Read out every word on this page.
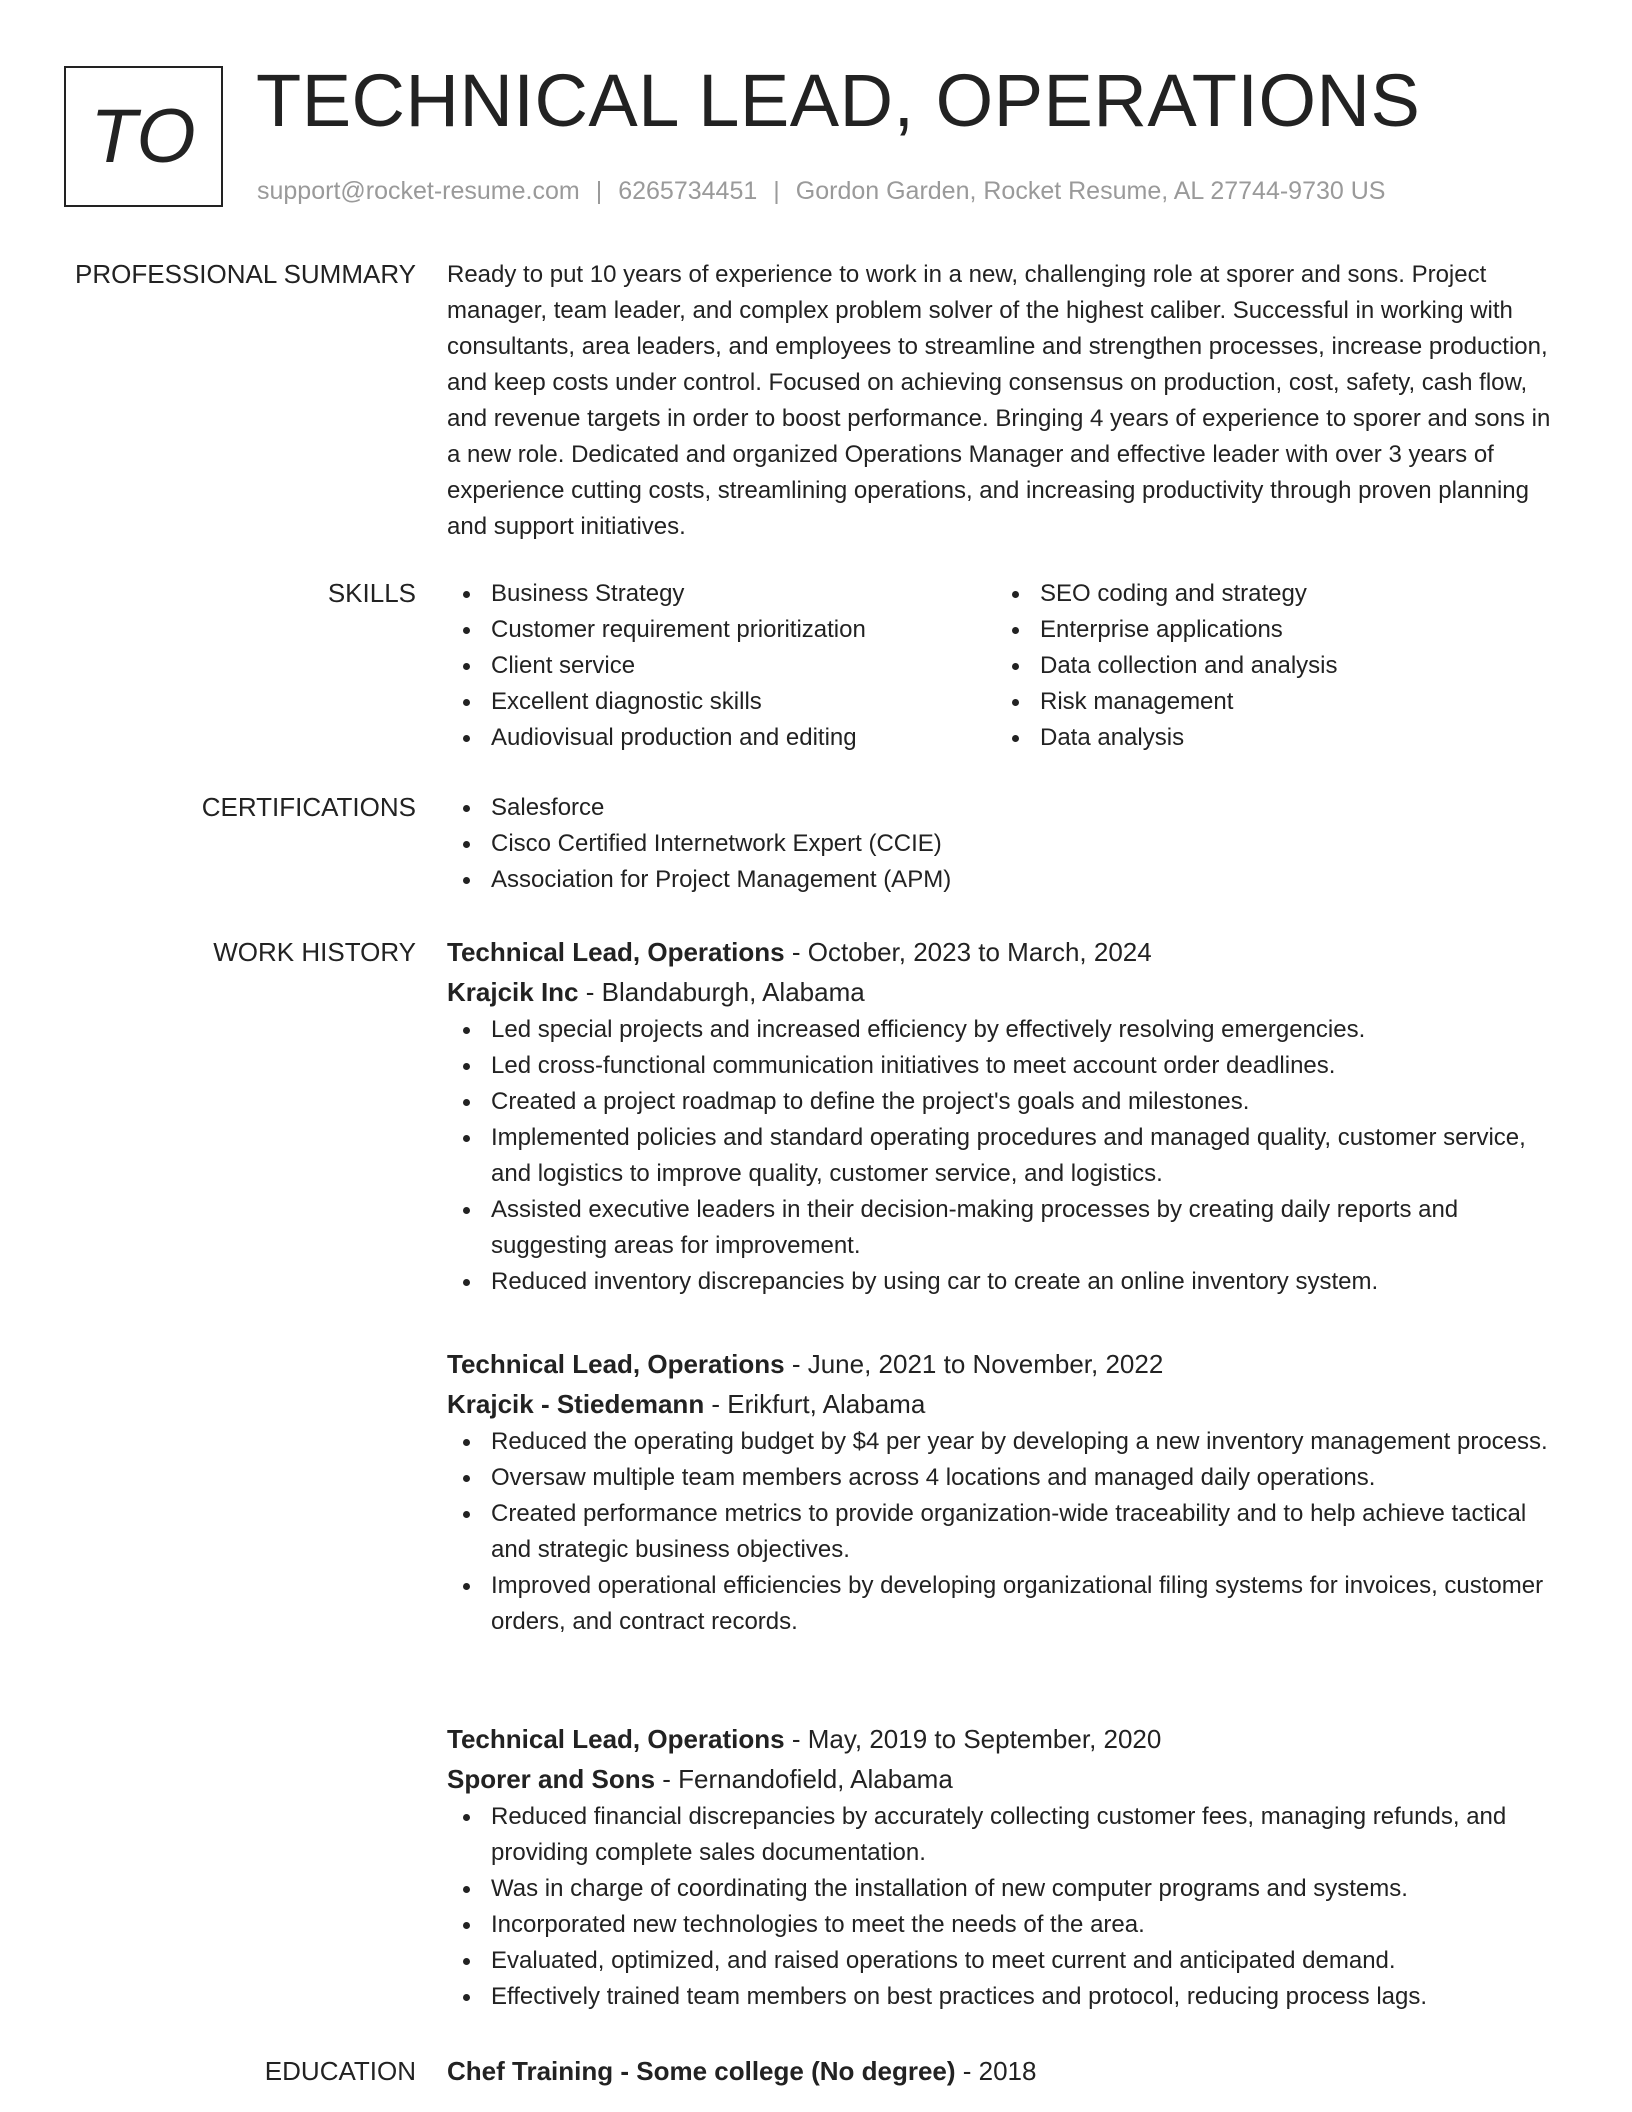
TO TECHNICAL LEAD, OPERATIONS
support@rocket-resume.com | 6265734451 | Gordon Garden, Rocket Resume, AL 27744-9730 US
PROFESSIONAL SUMMARY Ready to put 10 years of experience to work in a new, challenging role at sporer and sons. Project manager, team leader, and complex problem solver of the highest caliber. Successful in working with consultants, area leaders, and employees to streamline and strengthen processes, increase production, and keep costs under control. Focused on achieving consensus on production, cost, safety, cash flow, and revenue targets in order to boost performance. Bringing 4 years of experience to sporer and sons in a new role. Dedicated and organized Operations Manager and effective leader with over 3 years of experience cutting costs, streamlining operations, and increasing productivity through proven planning and support initiatives.

SKILLS	Business Strategy
Customer requirement prioritization
Client service
Excellent diagnostic skills
Audiovisual production and editing
SEO coding and strategy
Enterprise applications
Data collection and analysis
Risk management
Data analysis
CERTIFICATIONS	Salesforce
Cisco Certified Internetwork Expert (CCIE)
Association for Project Management (APM)
WORK HISTORY Technical Lead, Operations - October, 2023 to March, 2024
Krajcik Inc - Blandaburgh, Alabama
Led special projects and increased efficiency by effectively resolving emergencies.
Led cross-functional communication initiatives to meet account order deadlines.
Created a project roadmap to define the project's goals and milestones.
Implemented policies and standard operating procedures and managed quality, customer service, and logistics to improve quality, customer service, and logistics.
Assisted executive leaders in their decision-making processes by creating daily reports and suggesting areas for improvement.
Reduced inventory discrepancies by using car to create an online inventory system.
Technical Lead, Operations - June, 2021 to November, 2022
Krajcik - Stiedemann - Erikfurt, Alabama
Reduced the operating budget by $4 per year by developing a new inventory management process.
Oversaw multiple team members across 4 locations and managed daily operations.
Created performance metrics to provide organization-wide traceability and to help achieve tactical and strategic business objectives.
Improved operational efficiencies by developing organizational filing systems for invoices, customer orders, and contract records.
Technical Lead, Operations - May, 2019 to September, 2020
Sporer and Sons - Fernandofield, Alabama
Reduced financial discrepancies by accurately collecting customer fees, managing refunds, and providing complete sales documentation.
Was in charge of coordinating the installation of new computer programs and systems.
Incorporated new technologies to meet the needs of the area.
Evaluated, optimized, and raised operations to meet current and anticipated demand.
Effectively trained team members on best practices and protocol, reducing process lags.
EDUCATION Chef Training - Some college (No degree) - 2018
